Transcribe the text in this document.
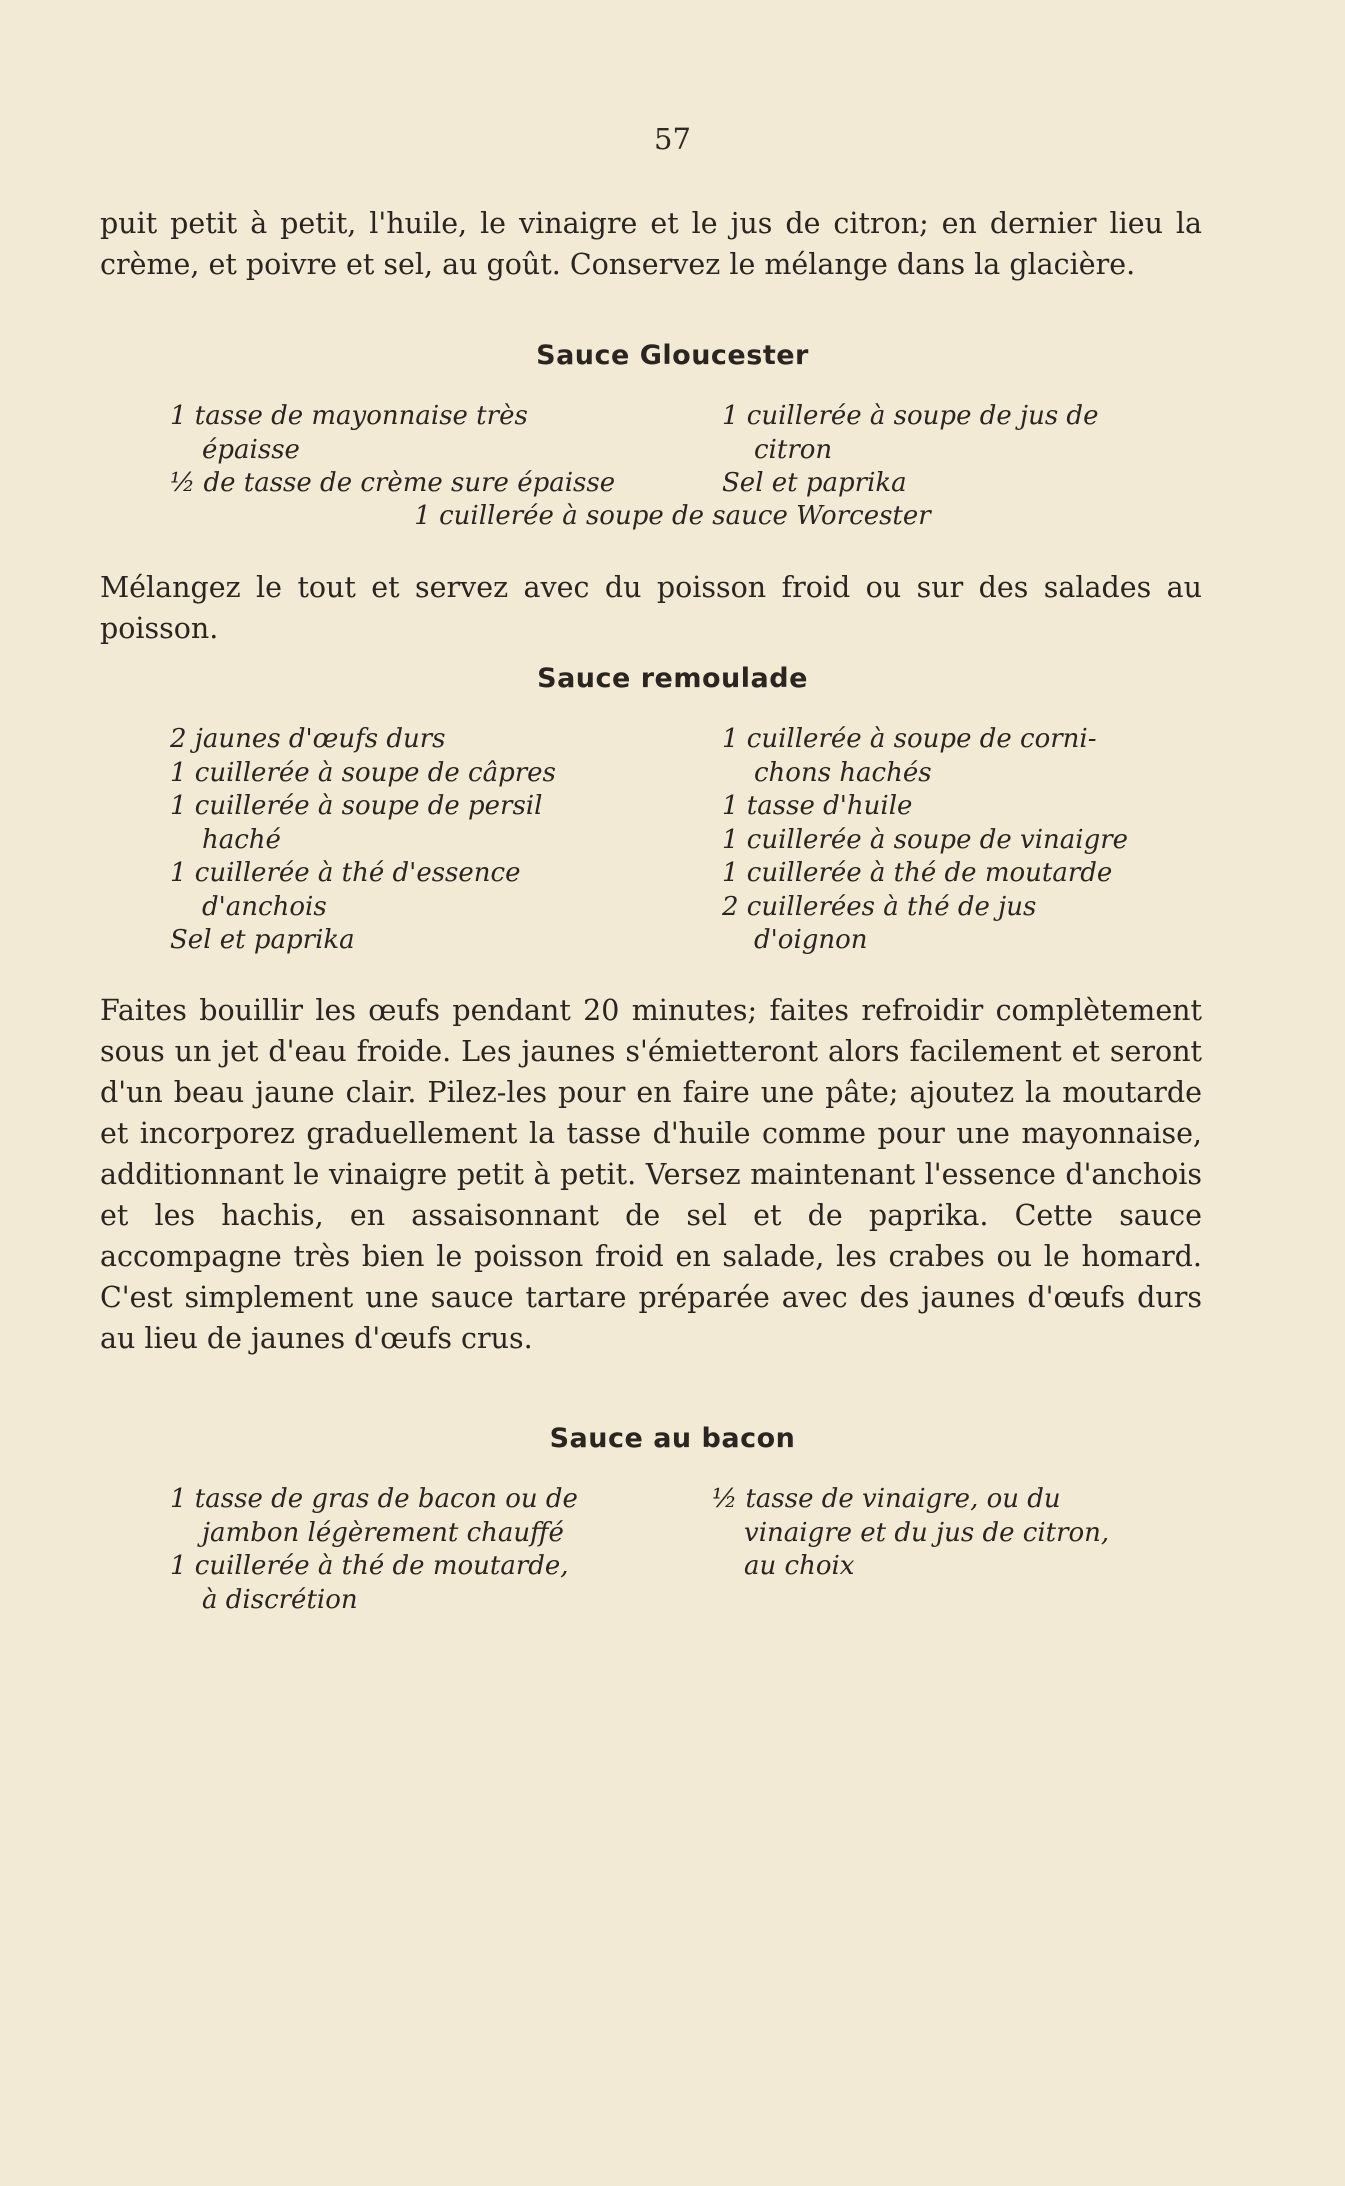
57

puit petit à petit, l'huile, le vinaigre et le jus de citron; en dernier lieu la crème, et poivre et sel, au goût. Conservez le mélange dans la glacière.

Sauce Gloucester
1 tasse de mayonnaise très
épaisse
½ de tasse de crème sure épaisse
1 cuillerée à soupe de jus de
citron
Sel et paprika
1 cuillerée à soupe de sauce Worcester

Mélangez le tout et servez avec du poisson froid ou sur des salades au poisson.

Sauce remoulade
2 jaunes d'œufs durs
1 cuillerée à soupe de câpres
1 cuillerée à soupe de persil
haché
1 cuillerée à thé d'essence
d'anchois
Sel et paprika
1 cuillerée à soupe de corni-
chons hachés
1 tasse d'huile
1 cuillerée à soupe de vinaigre
1 cuillerée à thé de moutarde
2 cuillerées à thé de jus
d'oignon

Faites bouillir les œufs pendant 20 minutes; faites refroidir complètement sous un jet d'eau froide. Les jaunes s'émietteront alors facilement et seront d'un beau jaune clair. Pilez-les pour en faire une pâte; ajoutez la moutarde et incorporez graduellement la tasse d'huile comme pour une mayonnaise, additionnant le vinaigre petit à petit. Versez maintenant l'essence d'anchois et les hachis, en assaisonnant de sel et de paprika. Cette sauce accompagne très bien le poisson froid en salade, les crabes ou le homard. C'est simplement une sauce tartare préparée avec des jaunes d'œufs durs au lieu de jaunes d'œufs crus.

Sauce au bacon
1 tasse de gras de bacon ou de
jambon légèrement chauffé
1 cuillerée à thé de moutarde,
à discrétion
½ tasse de vinaigre, ou du
vinaigre et du jus de citron,
au choix
